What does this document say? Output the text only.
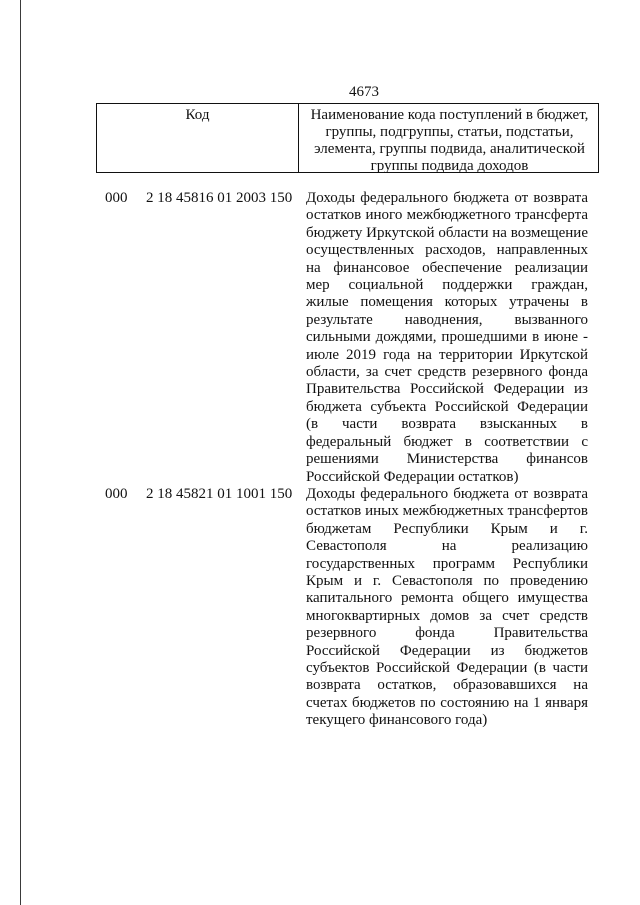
4673
Код	Наименование кода поступлений в бюджет, группы, подгруппы, статьи, подстатьи, элемента, группы подвида, аналитической группы подвида доходов
000 2 18 45816 01 2003 150 Доходы федерального бюджета от возврата остатков иного межбюджетного трансферта бюджету Иркутской области на возмещение осуществленных расходов, направленных на финансовое обеспечение реализации мер социальной поддержки граждан, жилые помещения которых утрачены в результате наводнения, вызванного сильными дождями, прошедшими в июне - июле 2019 года на территории Иркутской области, за счет средств резервного фонда Правительства Российской Федерации из бюджета субъекта Российской Федерации (в части возврата взысканных в федеральный бюджет в соответствии с решениями Министерства финансов Российской Федерации остатков)
000 2 18 45821 01 1001 150 Доходы федерального бюджета от возврата остатков иных межбюджетных трансфертов бюджетам Республики Крым и г. Севастополя на реализацию государственных программ Республики Крым и г. Севастополя по проведению капитального ремонта общего имущества многоквартирных домов за счет средств резервного фонда Правительства Российской Федерации из бюджетов субъектов Российской Федерации (в части возврата остатков, образовавшихся на счетах бюджетов по состоянию на 1 января текущего финансового года)
